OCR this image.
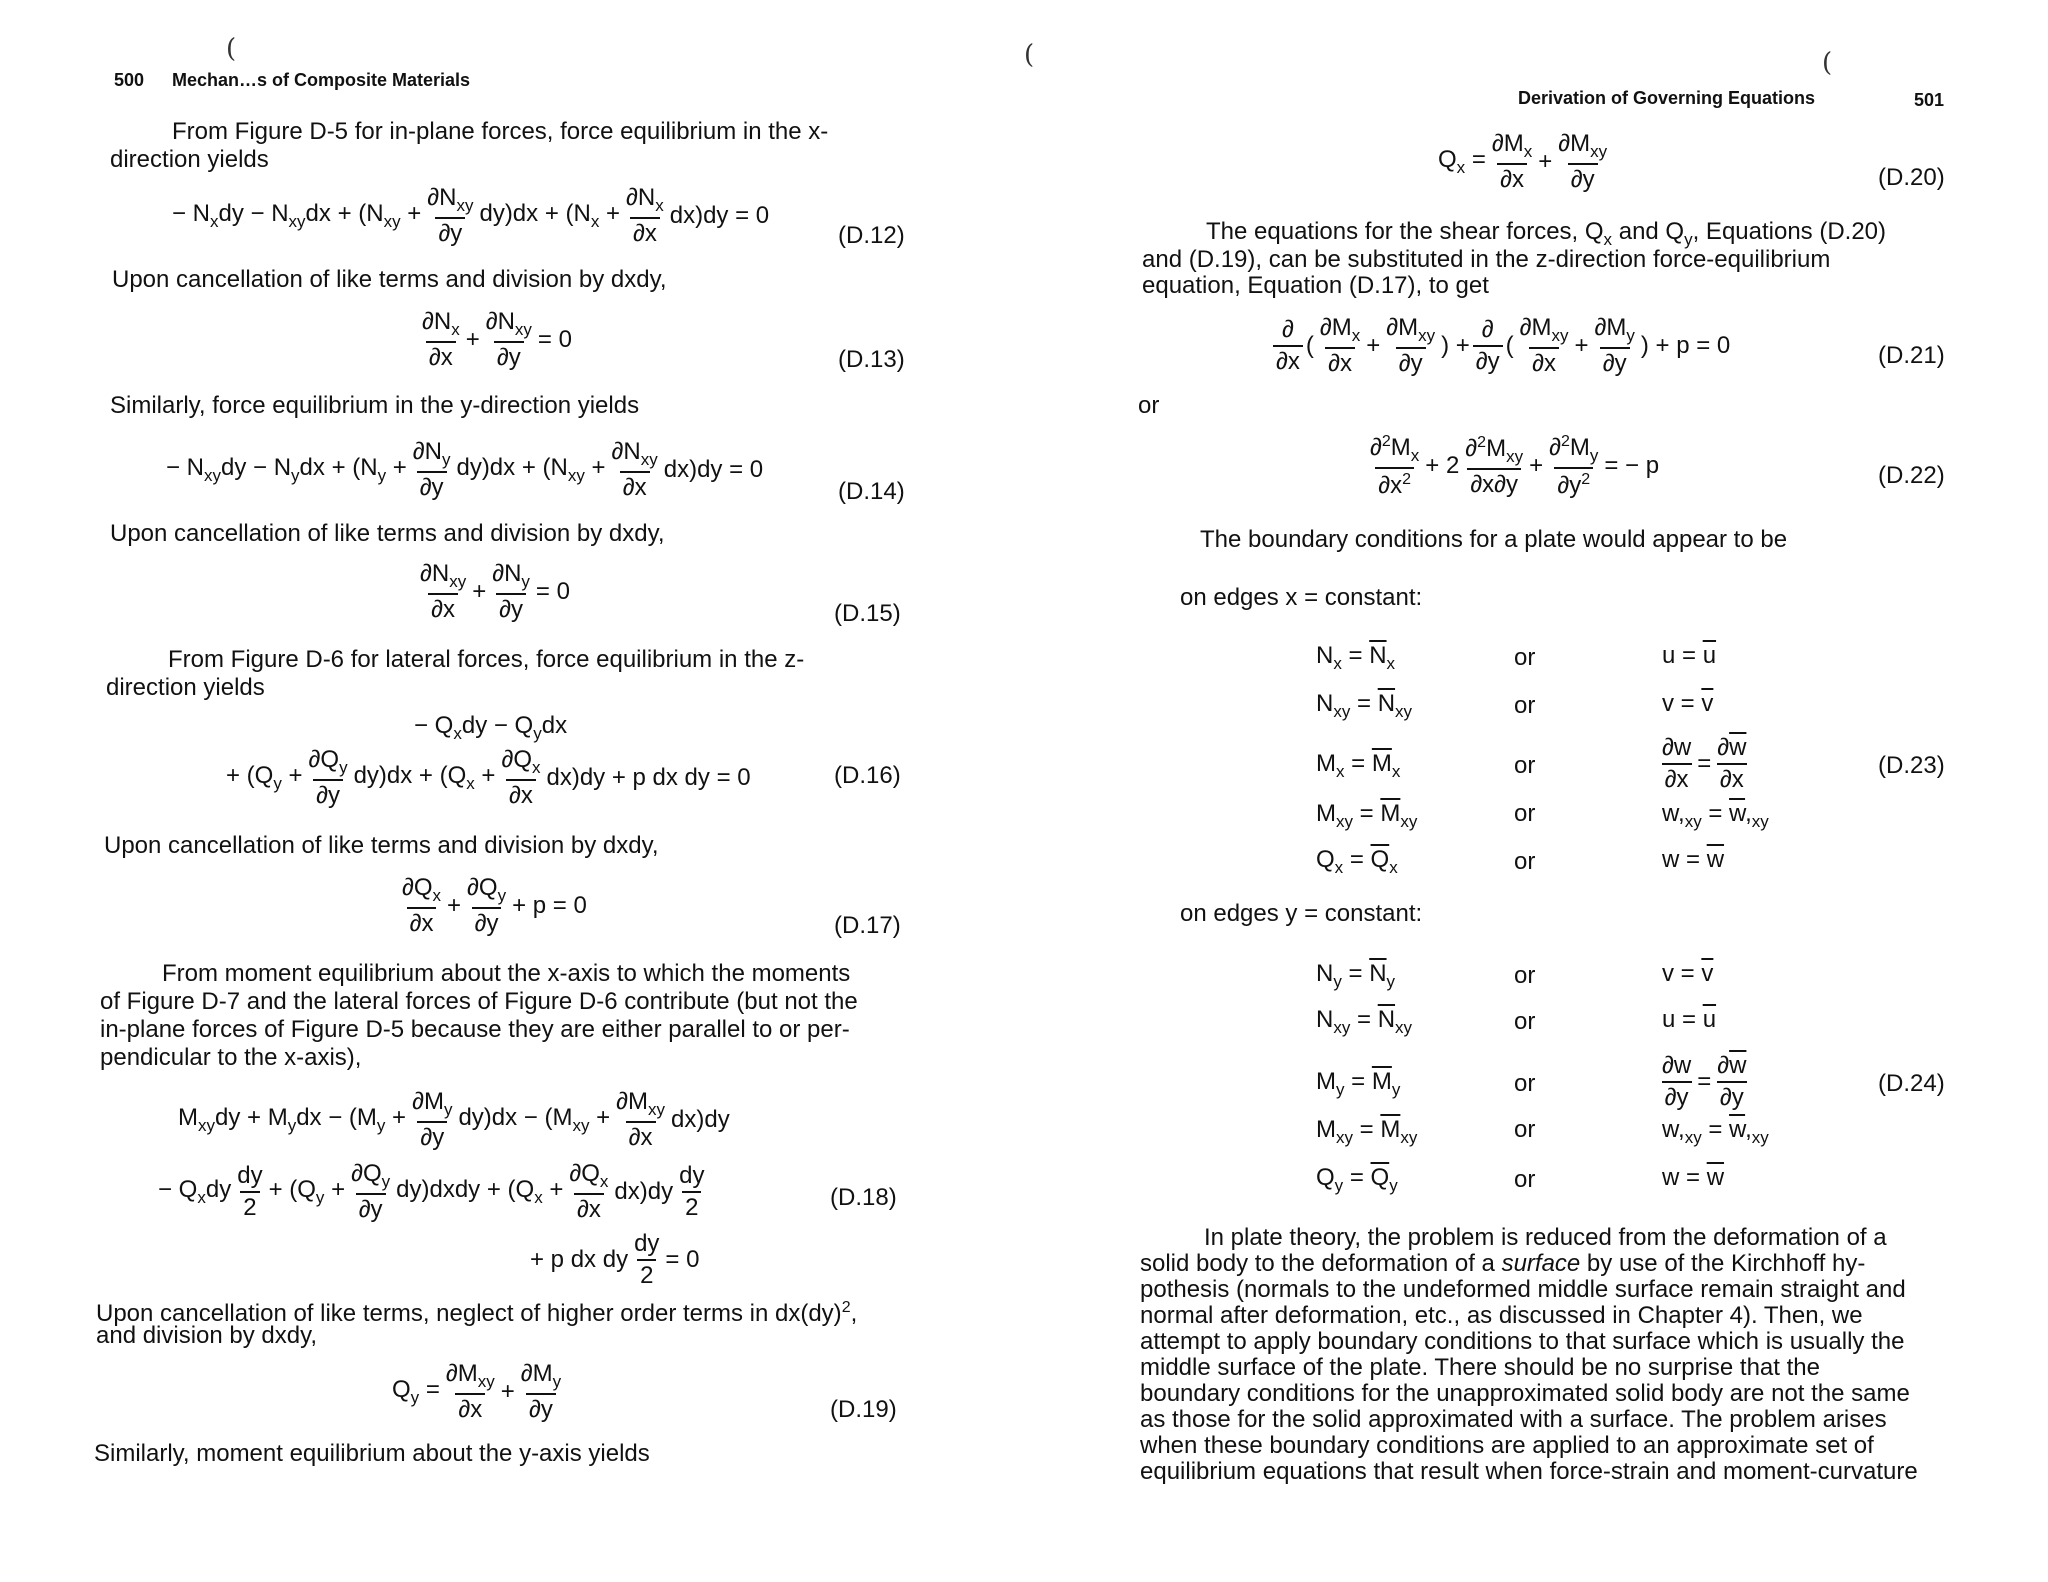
(
500 Mechan…s of Composite Materials
From Figure D-5 for in-plane forces, force equilibrium in the x-
direction yields
− $N_xdy - N_{xy}dx + (N_{xy} + \frac{\partial N_{xy}}{\partial y} dy)dx + (N_x + \frac{\partial N_x}{\partial x} dx)dy = 0$
(D.12)
Upon cancellation of like terms and division by dxdy,
$\frac{\partial N_x}{\partial x} + \frac{\partial N_{xy}}{\partial y} = 0$
(D.13)
Similarly, force equilibrium in the y-direction yields
− $N_{xy}dy - N_ydx + (N_y + \frac{\partial N_y}{\partial y} dy)dx + (N_{xy} + \frac{\partial N_{xy}}{\partial x} dx)dy = 0$
(D.14)
Upon cancellation of like terms and division by dxdy,
$\frac{\partial N_{xy}}{\partial x} + \frac{\partial N_y}{\partial y} = 0$
(D.15)
From Figure D-6 for lateral forces, force equilibrium in the z-
direction yields
− $Q_xdy - Q_ydx$
+ $(Q_y + \frac{\partial Q_y}{\partial y} dy)dx + (Q_x + \frac{\partial Q_x}{\partial x} dx)dy + p$ dx dy = 0	(D.16)
Upon cancellation of like terms and division by dxdy,
$\frac{\partial Q_x}{\partial x} + \frac{\partial Q_y}{\partial y} + p = 0$
(D.17)
From moment equilibrium about the x-axis to which the moments
of Figure D-7 and the lateral forces of Figure D-6 contribute (but not the
in-plane forces of Figure D-5 because they are either parallel to or per-
pendicular to the x-axis),
$M_{xy}dy + M_ydx - (M_y + \frac{\partial M_y}{\partial y} dy)dx - (M_{xy} + \frac{\partial M_{xy}}{\partial x} dx)dy$
− $Q_xdy \frac{dy}{2} + (Q_y + \frac{\partial Q_y}{\partial y}$ dy)dxdy + $(Q_x + \frac{\partial Q_x}{\partial x} dx)dy \frac{dy}{2}$	(D.18)
+ p dx dy $\frac{dy}{2} = 0$
Upon cancellation of like terms, neglect of higher order terms in dx(dy)$^2$,
and division by dxdy,
$Q_y = \frac{\partial M_{xy}}{\partial x} + \frac{\partial M_y}{\partial y}$	(D.19)
Similarly, moment equilibrium about the y-axis yields
(	(
Derivation of Governing Equations	501
$Q_x = \frac{\partial M_x}{\partial x} + \frac{\partial M_{xy}}{\partial y}$	(D.20)
The equations for the shear forces, $Q_x$ and $Q_y$, Equations (D.20)
and (D.19), can be substituted in the z-direction force-equilibrium
equation, Equation (D.17), to get
$\frac{\partial}{\partial x}$ ( $\frac{\partial M_x}{\partial x} + \frac{\partial M_{xy}}{\partial y}$ ) + $\frac{\partial}{\partial y}$ ( $\frac{\partial M_{xy}}{\partial x} + \frac{\partial M_y}{\partial y}$ ) + p = 0	(D.21)
or
$\frac{\partial^2M_x}{\partial x^2} + 2 \frac{\partial^2M_{xy}}{\partial x\partial y} + \frac{\partial^2M_y}{\partial y^2}$ = − p	(D.22)
The boundary conditions for a plate would appear to be
on edges x = constant:
$N_x = \overline{N}_x$	or	$u = \overline{u}$
$N_{xy} = \overline{N}_{xy}$	or	$v = \overline{v}$
$M_x = \overline{M}_x$	or	$\frac{\partial w}{\partial x} = \frac{\partial\overline{w}}{\partial x}$	(D.23)
$M_{xy} = \overline{M}_{xy}$	or	$w,_{xy} = \overline{w},_{xy}$
$Q_x = \overline{Q}_x$	or	$w = \overline{w}$
on edges y = constant:
$N_y = \overline{N}_y$	or	$v = \overline{v}$
$N_{xy} = \overline{N}_{xy}$	or	$u = \overline{u}$
$M_y = \overline{M}_y$	or	$\frac{\partial w}{\partial y} = \frac{\partial\overline{w}}{\partial y}$	(D.24)
$M_{xy} = \overline{M}_{xy}$	or	$w,_{xy} = \overline{w},_{xy}$
$Q_y = \overline{Q}_y$	or	$w = \overline{w}$
In plate theory, the problem is reduced from the deformation of a
solid body to the deformation of a surface by use of the Kirchhoff hy-
pothesis (normals to the undeformed middle surface remain straight and
normal after deformation, etc., as discussed in Chapter 4). Then, we
attempt to apply boundary conditions to that surface which is usually the
middle surface of the plate. There should be no surprise that the
boundary conditions for the unapproximated solid body are not the same
as those for the solid approximated with a surface. The problem arises
when these boundary conditions are applied to an approximate set of
equilibrium equations that result when force-strain and moment-curvature
